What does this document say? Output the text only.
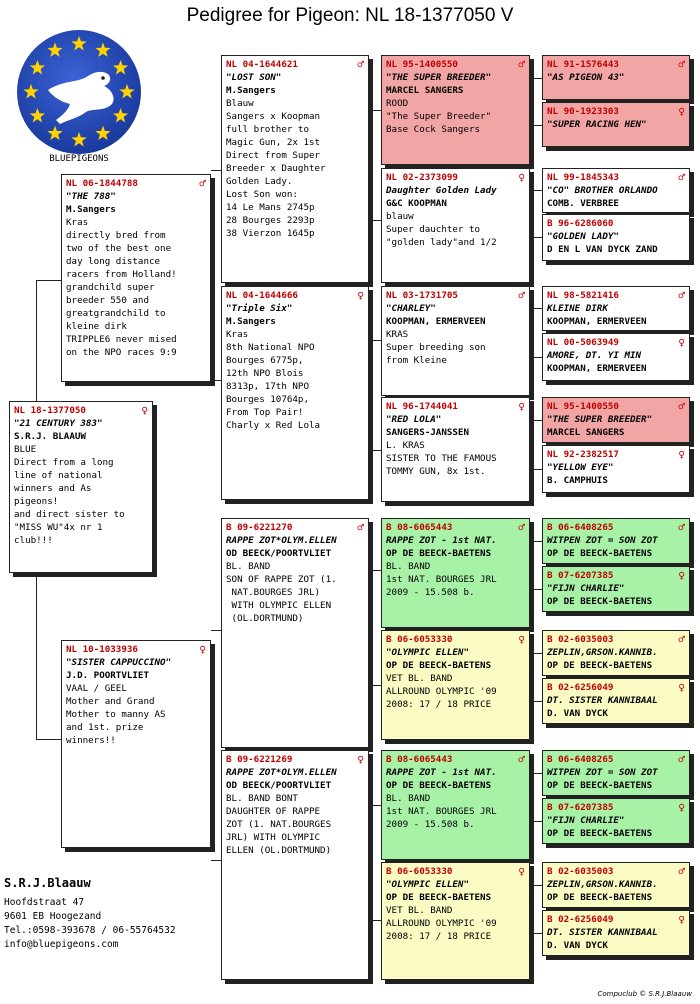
Pedigree for Pigeon: NL 18-1377050 V
BLUEPIGEONS
NL 18-1377050	♀
"21 CENTURY 383"
S.R.J. BLAAUW
BLUE
Direct from a long
line of national
winners and As
pigeons!
and direct sister to
"MISS WU"4x nr 1
club!!!
NL 06-1844788	♂
"THE 788"
M.Sangers
Kras
directly bred from
two of the best one
day long distance
racers from Holland!
grandchild super
breeder 550 and
greatgrandchild to
kleine dirk
TRIPPLE6 never mised
on the NPO races 9:9
NL 10-1033936	♀
"SISTER CAPPUCCINO"
J.D. POORTVLIET
VAAL / GEEL
Mother and Grand
Mother to manny AS
and 1st. prize
winners!!
NL 04-1644621	♂
"LOST SON"
M.Sangers
Blauw
Sangers x Koopman
full brother to
Magic Gun, 2x 1st
Direct from Super
Breeder x Daughter
Golden Lady.
Lost Son won:
14 Le Mans 2745p
28 Bourges 2293p
38 Vierzon 1645p
NL 04-1644666	♀
"Triple Six"
M.Sangers
Kras
8th National NPO
Bourges 6775p,
12th NPO Blois
8313p, 17th NPO
Bourges 10764p,
From Top Pair!
Charly x Red Lola
B 09-6221270	♂
RAPPE ZOT*OLYM.ELLEN
OD BEECK/POORTVLIET
BL. BAND
SON OF RAPPE ZOT (1.
NAT.BOURGES JRL)
WITH OLYMPIC ELLEN
(OL.DORTMUND)
B 09-6221269	♀
RAPPE ZOT*OLYM.ELLEN
OD BEECK/POORTVLIET
BL. BAND BONT
DAUGHTER OF RAPPE
ZOT (1. NAT.BOURGES
JRL) WITH OLYMPIC
ELLEN (OL.DORTMUND)
NL 95-1400550	♂
"THE SUPER BREEDER"
MARCEL SANGERS
ROOD
"The Super Breeder"
Base Cock Sangers
NL 02-2373099	♀
Daughter Golden Lady
G&C KOOPMAN
blauw
Super dauchter to
"golden lady"and 1/2
NL 03-1731705	♂
"CHARLEY"
KOOPMAN, ERMERVEEN
KRAS
Super breeding son
from Kleine
NL 96-1744041	♀
"RED LOLA"
SANGERS-JANSSEN
L. KRAS
SISTER TO THE FAMOUS
TOMMY GUN, 8x 1st.
B 08-6065443	♂
RAPPE ZOT - 1st NAT.
OP DE BEECK-BAETENS
BL. BAND
1st NAT. BOURGES JRL
2009 - 15.508 b.
B 06-6053330	♀
"OLYMPIC ELLEN"
OP DE BEECK-BAETENS
VET BL. BAND
ALLROUND OLYMPIC '09
2008: 17 / 18 PRICE
B 08-6065443	♂
RAPPE ZOT - 1st NAT.
OP DE BEECK-BAETENS
BL. BAND
1st NAT. BOURGES JRL
2009 - 15.508 b.
B 06-6053330	♀
"OLYMPIC ELLEN"
OP DE BEECK-BAETENS
VET BL. BAND
ALLROUND OLYMPIC '09
2008: 17 / 18 PRICE
NL 91-1576443	♂
"AS PIGEON 43"
NL 90-1923303	♀
"SUPER RACING HEN"
NL 99-1845343	♂
"CO" BROTHER ORLANDO
COMB. VERBREE
B 96-6286060
"GOLDEN LADY"
D EN L VAN DYCK ZAND
NL 98-5821416	♂
KLEINE DIRK
KOOPMAN, ERMERVEEN
NL 00-5063949	♀
AMORE, DT. YI MIN
KOOPMAN, ERMERVEEN
NL 95-1400550	♂
"THE SUPER BREEDER"
MARCEL SANGERS
NL 92-2382517	♀
"YELLOW EYE"
B. CAMPHUIS
B 06-6408265	♂
WITPEN ZOT = SON ZOT
OP DE BEECK-BAETENS
B 07-6207385	♀
"FIJN CHARLIE"
OP DE BEECK-BAETENS
B 02-6035003	♂
ZEPLIN,GRSON.KANNIB.
OP DE BEECK-BAETENS
B 02-6256049	♀
DT. SISTER KANNIBAAL
D. VAN DYCK
B 06-6408265	♂
WITPEN ZOT = SON ZOT
OP DE BEECK-BAETENS
B 07-6207385	♀
"FIJN CHARLIE"
OP DE BEECK-BAETENS
B 02-6035003	♂
ZEPLIN,GRSON.KANNIB.
OP DE BEECK-BAETENS
B 02-6256049	♀
DT. SISTER KANNIBAAL
D. VAN DYCK
S.R.J.Blaauw
Hoofdstraat 47
9601 EB Hoogezand
Tel.:0598-393678 / 06-55764532
info@bluepigeons.com
Compuclub © S.R.J.Blaauw
